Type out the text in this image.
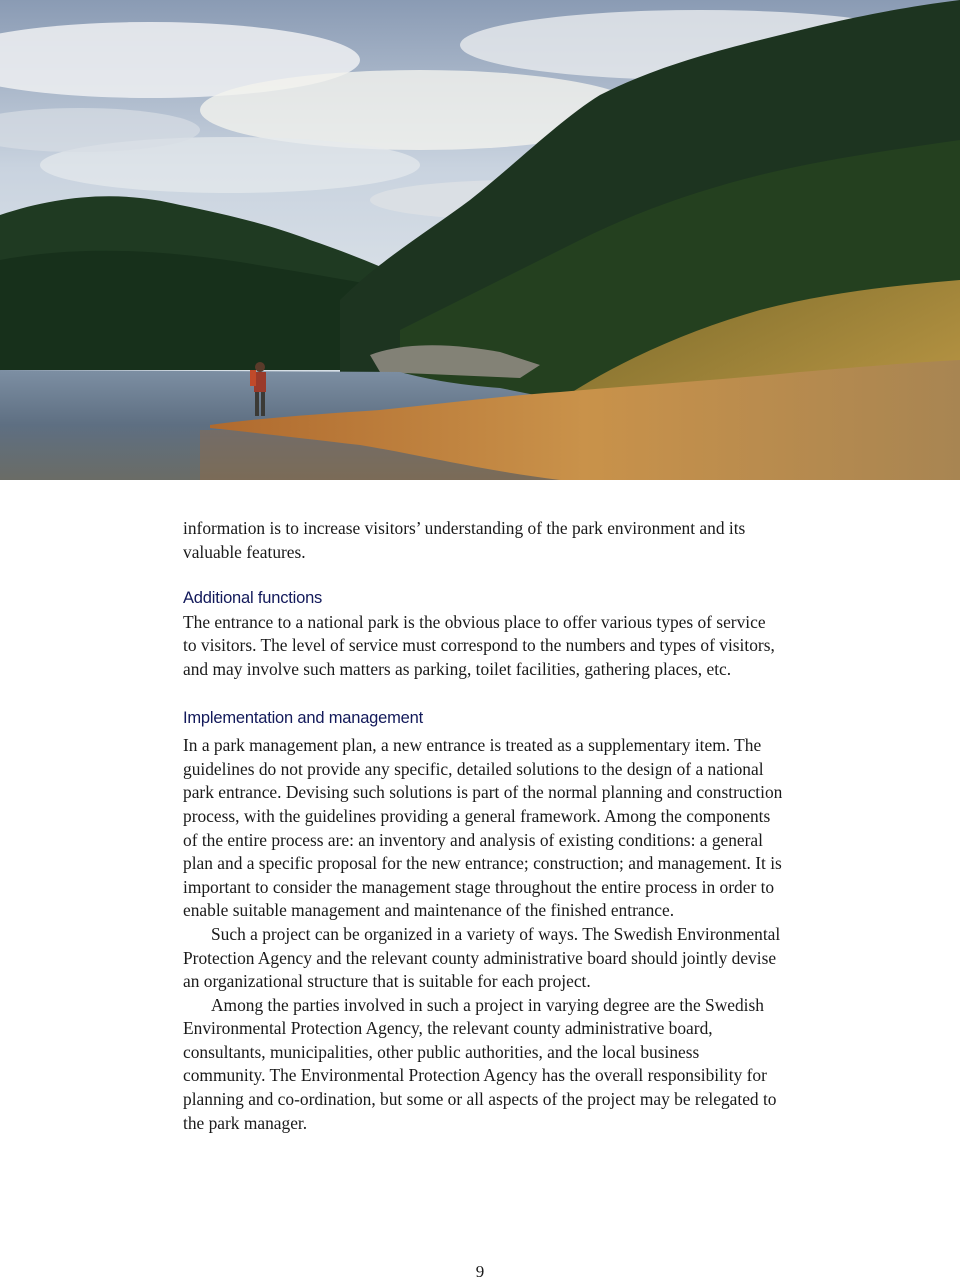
information is to increase visitors’ understanding of the park environment and its valuable features.

Additional functions

The entrance to a national park is the obvious place to offer various types of service to visitors. The level of service must correspond to the numbers and types of visitors, and may involve such matters as parking, toilet facilities, gathering places, etc.

Implementation and management

In a park management plan, a new entrance is treated as a supplementary item. The guidelines do not provide any specific, detailed solutions to the design of a national park entrance. Devising such solutions is part of the normal planning and construction process, with the guidelines providing a general framework. Among the components of the entire process are: an inventory and analysis of existing conditions: a general plan and a specific proposal for the new entrance; construction; and management. It is important to consider the management stage throughout the entire process in order to enable suitable management and maintenance of the finished entrance.

Such a project can be organized in a variety of ways. The Swedish Environmental Protection Agency and the relevant county administrative board should jointly devise an organizational structure that is suitable for each project.

Among the parties involved in such a project in varying degree are the Swedish Environmental Protection Agency, the relevant county administrative board, consultants, municipalities, other public authorities, and the local business community. The Environmental Protection Agency has the overall responsibility for planning and co-ordination, but some or all aspects of the project may be relegated to the park manager.

9
